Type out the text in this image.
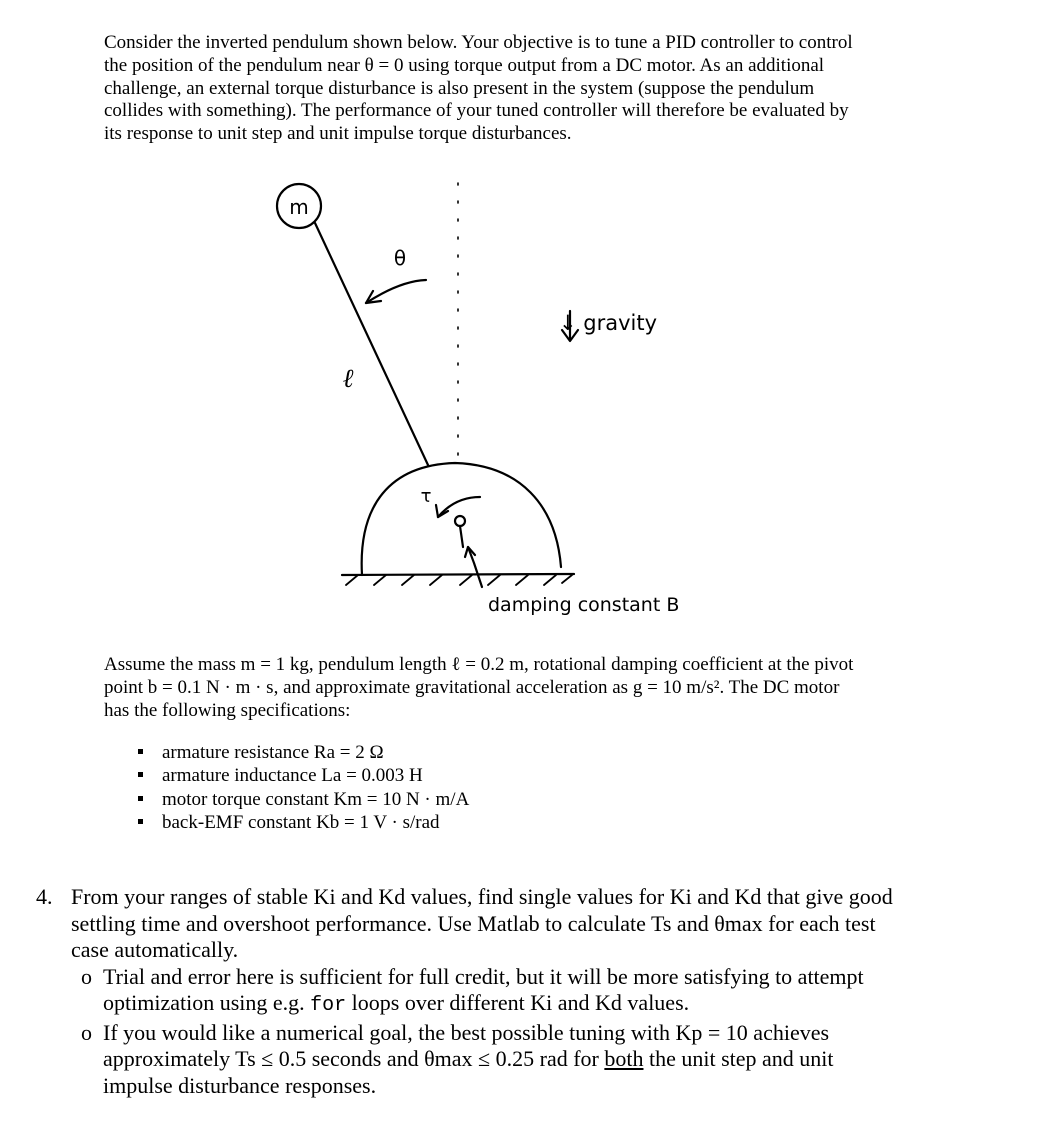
Consider the inverted pendulum shown below. Your objective is to tune a PID controller to control the position of the pendulum near θ = 0 using torque output from a DC motor. As an additional challenge, an external torque disturbance is also present in the system (suppose the pendulum collides with something). The performance of your tuned controller will therefore be evaluated by its response to unit step and unit impulse torque disturbances.

m
θ
ℓ
τ
↓ gravity
damping constant B

Assume the mass m = 1 kg, pendulum length ℓ = 0.2 m, rotational damping coefficient at the pivot point b = 0.1 N · m · s, and approximate gravitational acceleration as g = 10 m/s². The DC motor has the following specifications:

armature resistance Ra = 2 Ω
armature inductance La = 0.003 H
motor torque constant Km = 10 N · m/A
back-EMF constant Kb = 1 V · s/rad
4. From your ranges of stable Ki and Kd values, find single values for Ki and Kd that give good settling time and overshoot performance. Use Matlab to calculate Ts and θmax for each test case automatically.
o Trial and error here is sufficient for full credit, but it will be more satisfying to attempt optimization using e.g. for loops over different Ki and Kd values.
o If you would like a numerical goal, the best possible tuning with Kp = 10 achieves approximately Ts ≤ 0.5 seconds and θmax ≤ 0.25 rad for both the unit step and unit impulse disturbance responses.
